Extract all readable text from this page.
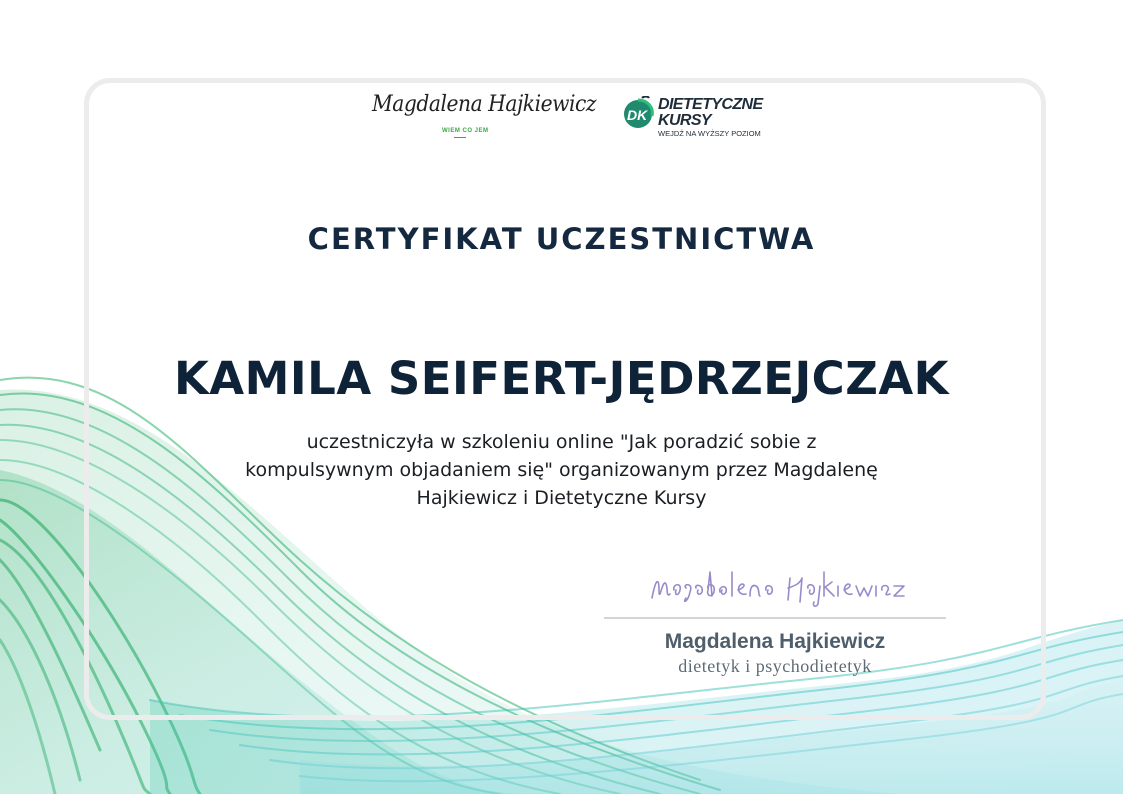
Magdalena Hajkiewicz
WIEM CO JEM
DK
DIETETYCZNE
KURSY
WEJDŹ NA WYŻSZY POZIOM
CERTYFIKAT UCZESTNICTWA
KAMILA SEIFERT-JĘDRZEJCZAK
uczestniczyła w szkoleniu online "Jak poradzić sobie z kompulsywnym objadaniem się" organizowanym przez Magdalenę Hajkiewicz i Dietetyczne Kursy
Magdalena Hajkiewicz
Magdalena Hajkiewicz
dietetyk i psychodietetyk
